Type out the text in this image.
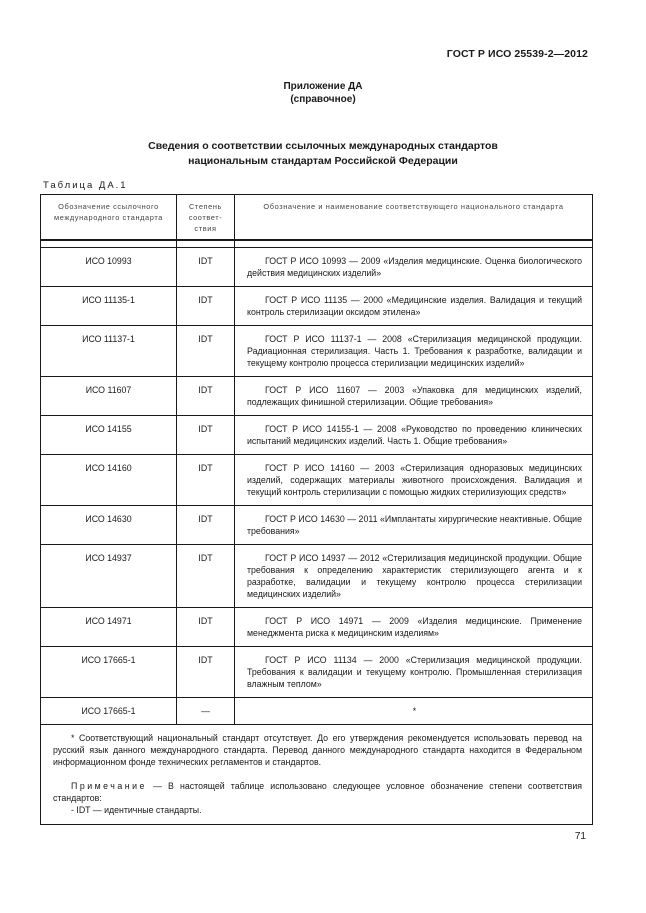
ГОСТ Р ИСО 25539-2—2012
Приложение ДА
(справочное)
Сведения о соответствии ссылочных международных стандартов
национальным стандартам Российской Федерации
Таблица ДА.1
Обозначение ссылочного международного стандарта	Степень соответ-ствия	Обозначение и наименование соответствующего национального стандарта

ИСО 10993	IDT	ГОСТ Р ИСО 10993 — 2009 «Изделия медицинские. Оценка биологического действия медицинских изделий»
ИСО 11135-1	IDT	ГОСТ Р ИСО 11135 — 2000 «Медицинские изделия. Валидация и текущий контроль стерилизации оксидом этилена»
ИСО 11137-1	IDT	ГОСТ Р ИСО 11137-1 — 2008 «Стерилизация медицинской продукции. Радиационная стерилизация. Часть 1. Требования к разработке, валидации и текущему контролю процесса стерилизации медицинских изделий»
ИСО 11607	IDT	ГОСТ Р ИСО 11607 — 2003 «Упаковка для медицинских изделий, подлежащих финишной стерилизации. Общие требования»
ИСО 14155	IDT	ГОСТ Р ИСО 14155-1 — 2008 «Руководство по проведению клинических испытаний медицинских изделий. Часть 1. Общие требования»
ИСО 14160	IDT	ГОСТ Р ИСО 14160 — 2003 «Стерилизация одноразовых медицинских изделий, содержащих материалы животного происхождения. Валидация и текущий контроль стерилизации с помощью жидких стерилизующих средств»
ИСО 14630	IDT	ГОСТ Р ИСО 14630 — 2011 «Имплантаты хирургические неактивные. Общие требования»
ИСО 14937	IDT	ГОСТ Р ИСО 14937 — 2012 «Стерилизация медицинской продукции. Общие требования к определению характеристик стерилизующего агента и к разработке, валидации и текущему контролю процесса стерилизации медицинских изделий»
ИСО 14971	IDT	ГОСТ Р ИСО 14971 — 2009 «Изделия медицинские. Применение менеджмента риска к медицинским изделиям»
ИСО 17665-1	IDT	ГОСТ Р ИСО 11134 — 2000 «Стерилизация медицинской продукции. Требования к валидации и текущему контролю. Промышленная стерилизация влажным теплом»
ИСО 17665-1	—	*

* Соответствующий национальный стандарт отсутствует. До его утверждения рекомендуется использовать перевод на русский язык данного международного стандарта. Перевод данного международного стандарта находится в Федеральном информационном фонде технических регламентов и стандартов.

Примечание — В настоящей таблице использовано следующее условное обозначение степени соответствия стандартов:

- IDT — идентичные стандарты.		

71
